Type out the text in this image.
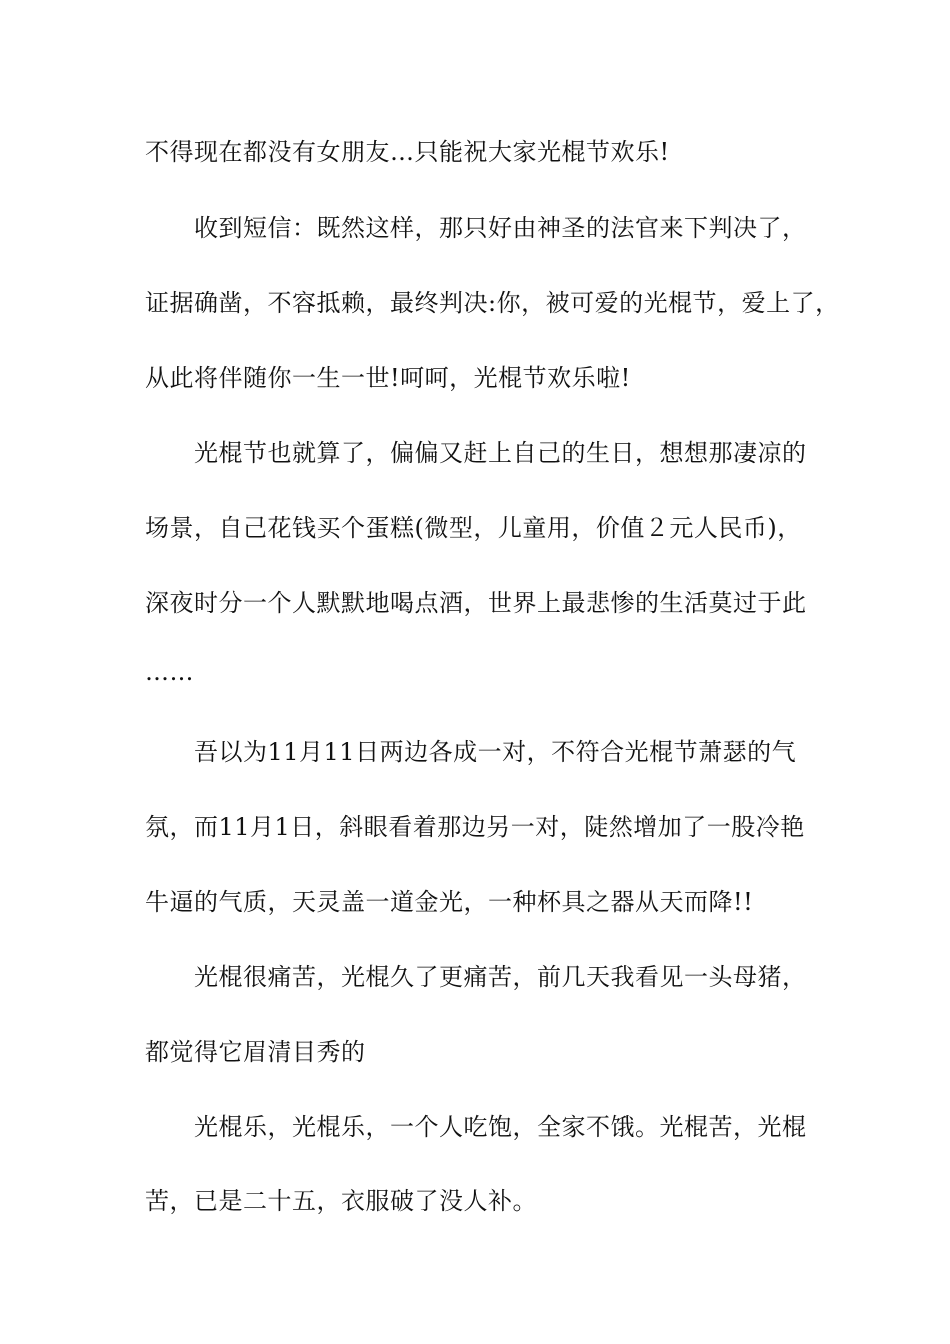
不得现在都没有女朋友…只能祝大家光棍节欢乐!
收到短信：既然这样，那只好由神圣的法官来下判决了，
证据确凿，不容抵赖，最终判决:你，被可爱的光棍节，爱上了，
从此将伴随你一生一世!呵呵，光棍节欢乐啦!
光棍节也就算了，偏偏又赶上自己的生日，想想那凄凉的
场景，自己花钱买个蛋糕(微型，儿童用，价值２元人民币)，
深夜时分一个人默默地喝点酒，世界上最悲惨的生活莫过于此
……
吾以为11月11日两边各成一对，不符合光棍节萧瑟的气
氛，而11月1日，斜眼看着那边另一对，陡然增加了一股冷艳
牛逼的气质，天灵盖一道金光，一种杯具之器从天而降!!
光棍很痛苦，光棍久了更痛苦，前几天我看见一头母猪，
都觉得它眉清目秀的
光棍乐，光棍乐，一个人吃饱，全家不饿。光棍苦，光棍
苦，已是二十五，衣服破了没人补。
